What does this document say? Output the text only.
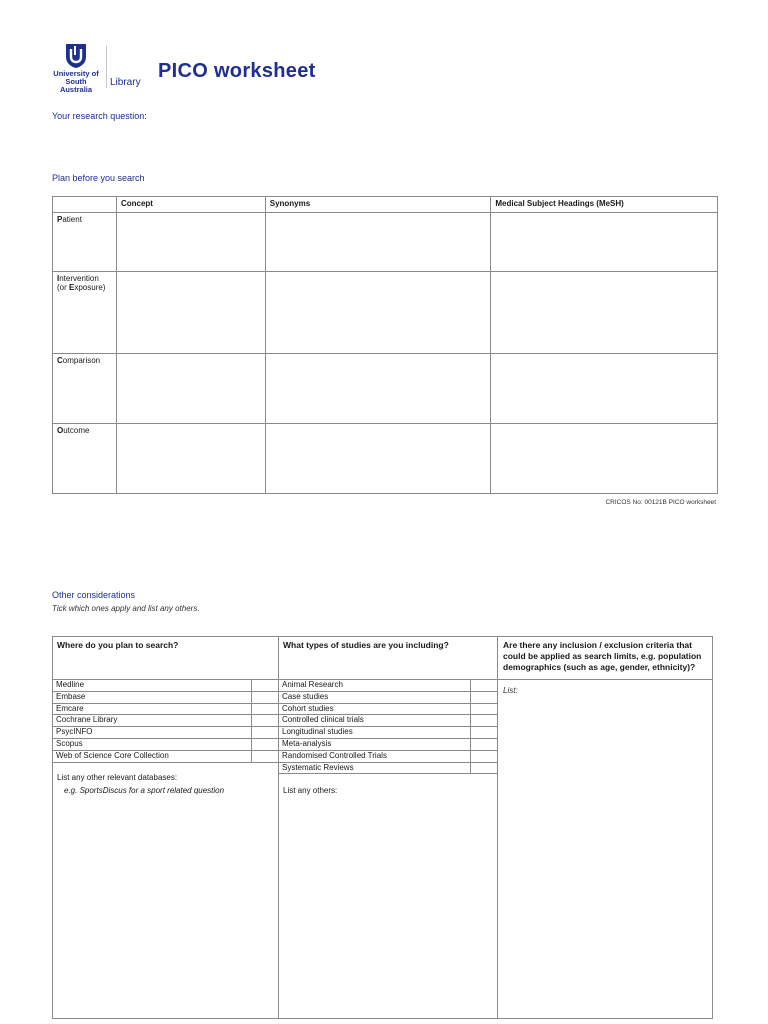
University of
South Australia
Library
PICO worksheet
Your research question:
Plan before you search
	Concept	Synonyms	Medical Subject Headings (MeSH)
Patient			
Intervention
(or Exposure)			
Comparison			
Outcome			
CRICOS No: 00121B PICO worksheet
Other considerations
Tick which ones apply and list any others.
Where do you plan to search?	What types of studies are you including?	Are there any inclusion / exclusion criteria that could be applied as search limits, e.g. population demographics (such as age, gender, ethnicity)?
Medline	
Embase	
Emcare	
Cochrane Library	
PsycINFO	
Scopus	
Web of Science Core Collection	
List any other relevant databases:
e.g. SportsDiscus for a sport related question
Animal Research	
Case studies	
Cohort studies	
Controlled clinical trials	
Longitudinal studies	
Meta-analysis	
Randomised Controlled Trials	
Systematic Reviews	
List any others:
List:
